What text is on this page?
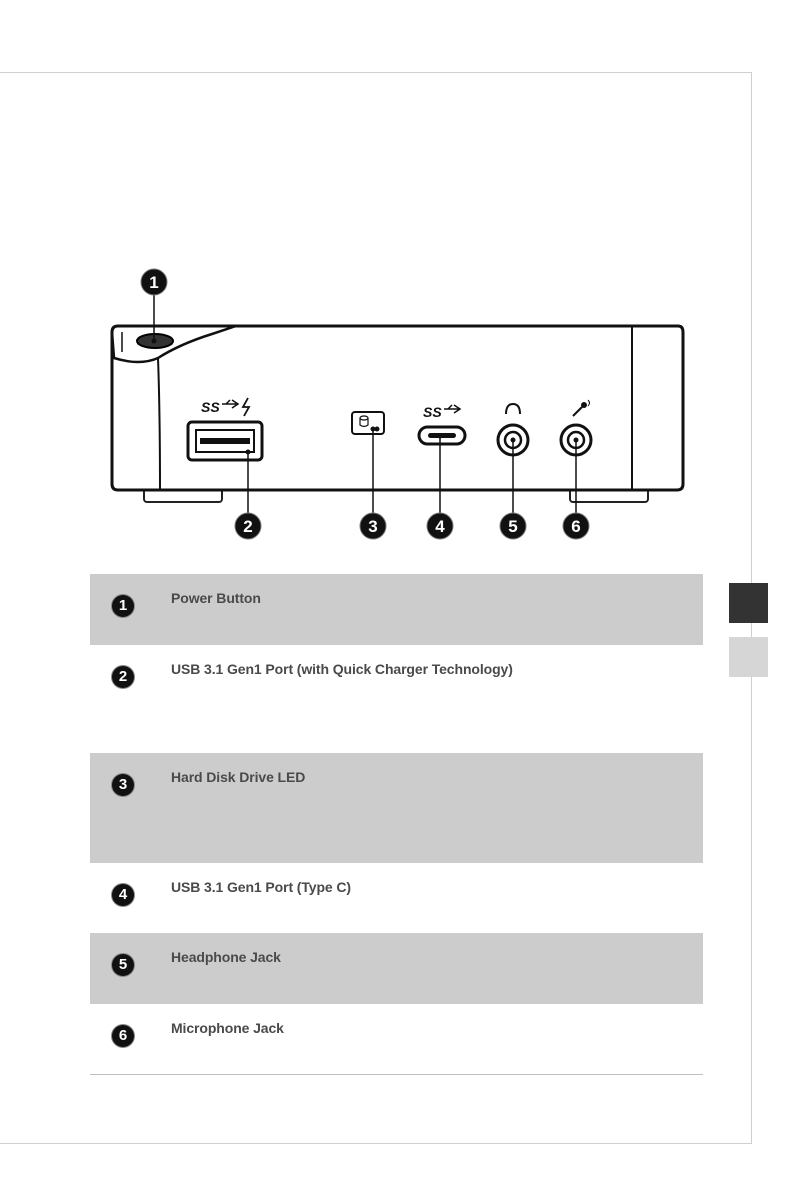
SS	SS
1
2	3	4	5	6
1	Power Button
2	USB 3.1 Gen1 Port (with Quick Charger Technology)
3	Hard Disk Drive LED
4	USB 3.1 Gen1 Port (Type C)
5	Headphone Jack
6	Microphone Jack
